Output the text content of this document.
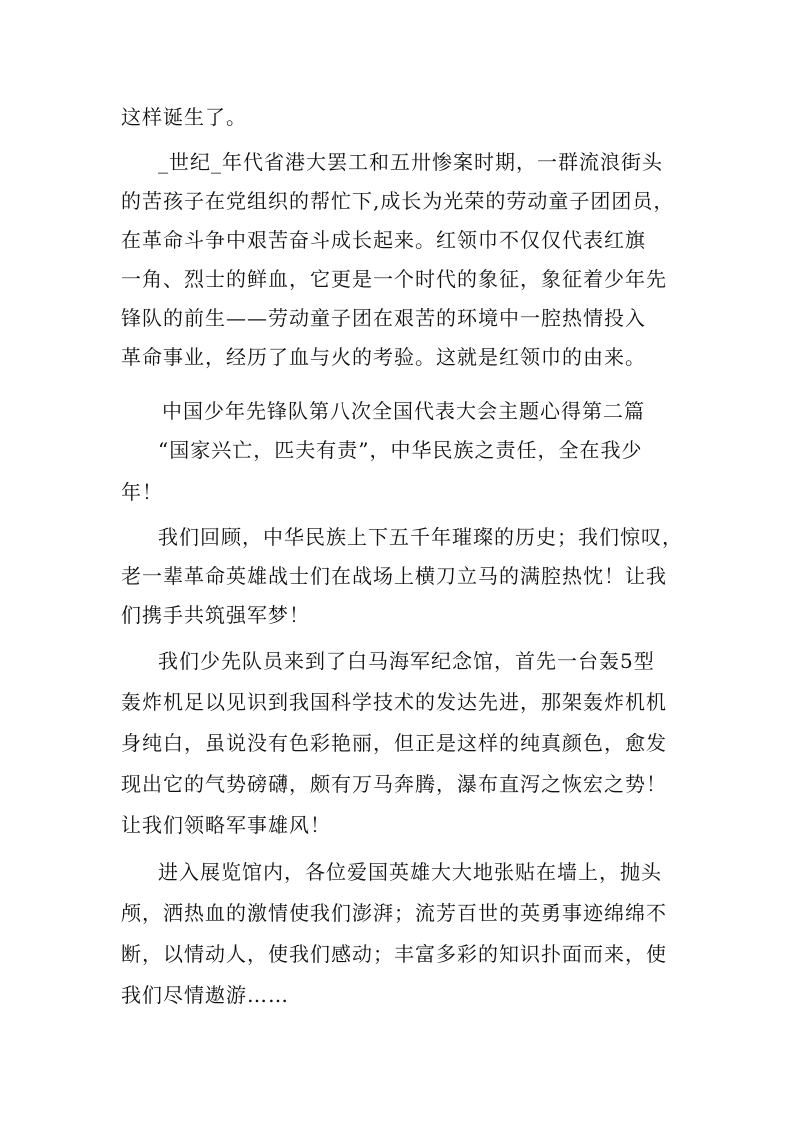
这样诞生了。
_世纪_年代省港大罢工和五卅惨案时期，一群流浪街头
的苦孩子在党组织的帮忙下,成长为光荣的劳动童子团团员，
在革命斗争中艰苦奋斗成长起来。红领巾不仅仅代表红旗
一角、烈士的鲜血，它更是一个时代的象征，象征着少年先
锋队的前生——劳动童子团在艰苦的环境中一腔热情投入
革命事业，经历了血与火的考验。这就是红领巾的由来。
中国少年先锋队第八次全国代表大会主题心得第二篇
“国家兴亡，匹夫有责”，中华民族之责任，全在我少
年！
我们回顾，中华民族上下五千年璀璨的历史；我们惊叹，
老一辈革命英雄战士们在战场上横刀立马的满腔热忱！让我
们携手共筑强军梦！
我们少先队员来到了白马海军纪念馆，首先一台轰5型
轰炸机足以见识到我国科学技术的发达先进，那架轰炸机机
身纯白，虽说没有色彩艳丽，但正是这样的纯真颜色，愈发
现出它的气势磅礴，颇有万马奔腾，瀑布直泻之恢宏之势！
让我们领略军事雄风！
进入展览馆内，各位爱国英雄大大地张贴在墙上，抛头
颅，洒热血的激情使我们澎湃；流芳百世的英勇事迹绵绵不
断，以情动人，使我们感动；丰富多彩的知识扑面而来，使
我们尽情遨游……
